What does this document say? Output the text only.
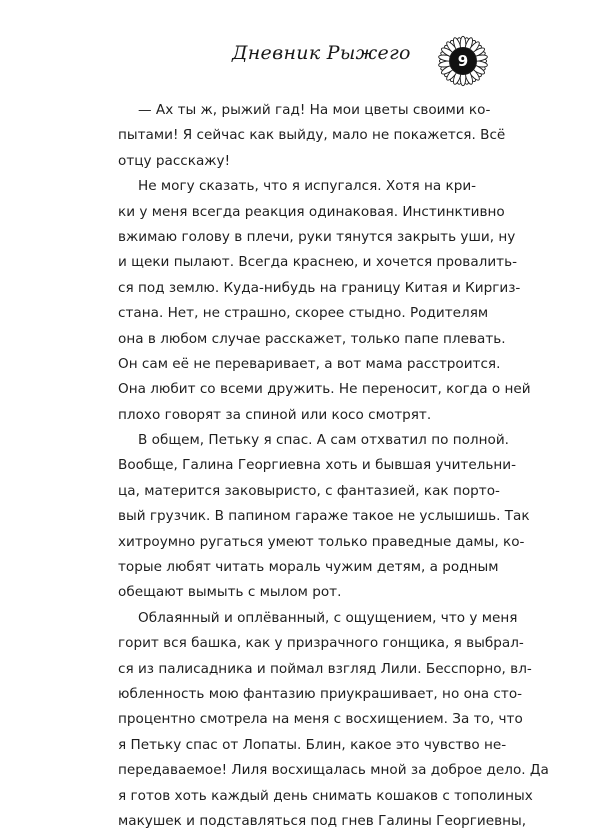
Дневник Рыжего	9
— Ах ты ж, рыжий гад! На мои цветы своими ко-
пытами! Я сейчас как выйду, мало не покажется. Всё
отцу расскажу!
Не могу сказать, что я испугался. Хотя на кри-
ки у меня всегда реакция одинаковая. Инстинктивно
вжимаю голову в плечи, руки тянутся закрыть уши, ну
и щеки пылают. Всегда краснею, и хочется провалить-
ся под землю. Куда-нибудь на границу Китая и Киргиз-
стана. Нет, не страшно, скорее стыдно. Родителям
она в любом случае расскажет, только папе плевать.
Он сам её не переваривает, а вот мама расстроится.
Она любит со всеми дружить. Не переносит, когда о ней
плохо говорят за спиной или косо смотрят.
В общем, Петьку я спас. А сам отхватил по полной.
Вообще, Галина Георгиевна хоть и бывшая учительни-
ца, матерится заковыристо, с фантазией, как порто-
вый грузчик. В папином гараже такое не услышишь. Так
хитроумно ругаться умеют только праведные дамы, ко-
торые любят читать мораль чужим детям, а родным
обещают вымыть с мылом рот.
Облаянный и оплёванный, с ощущением, что у меня
горит вся башка, как у призрачного гонщика, я выбрал-
ся из палисадника и поймал взгляд Лили. Бесспорно, вл-
юбленность мою фантазию приукрашивает, но она сто-
процентно смотрела на меня с восхищением. За то, что
я Петьку спас от Лопаты. Блин, какое это чувство не-
передаваемое! Лиля восхищалась мной за доброе дело. Да
я готов хоть каждый день снимать кошаков с тополиных
макушек и подставляться под гнев Галины Георгиевны,
